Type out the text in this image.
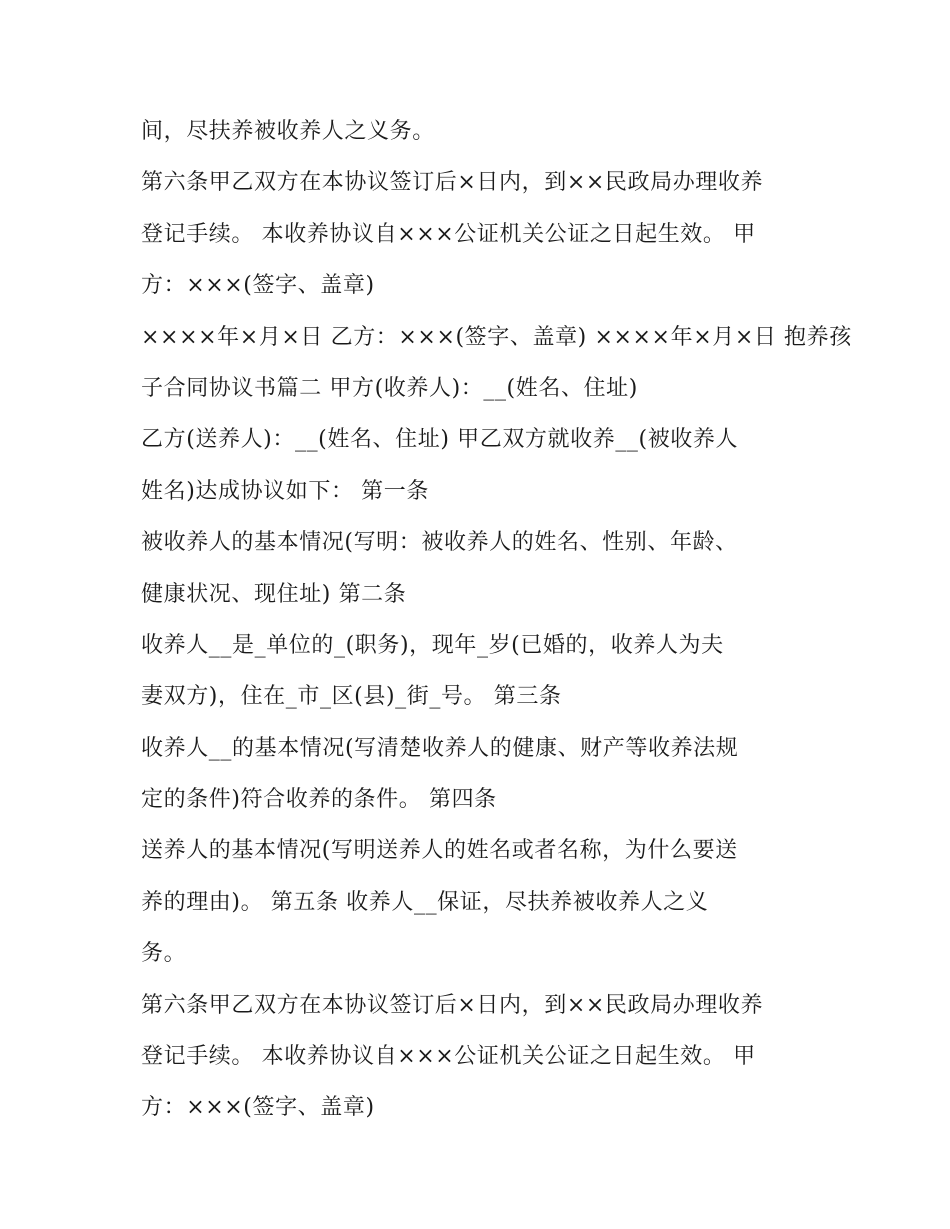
间，尽扶养被收养人之义务。
第六条甲乙双方在本协议签订后×日内，到××民政局办理收养
登记手续。 本收养协议自×××公证机关公证之日起生效。 甲
方：×××(签字、盖章)
××××年×月×日 乙方：×××(签字、盖章) ××××年×月×日 抱养孩
子合同协议书篇二 甲方(收养人)：__(姓名、住址)
乙方(送养人)：__(姓名、住址) 甲乙双方就收养__(被收养人
姓名)达成协议如下： 第一条
被收养人的基本情况(写明：被收养人的姓名、性别、年龄、
健康状况、现住址) 第二条
收养人__是_单位的_(职务)，现年_岁(已婚的，收养人为夫
妻双方)，住在_市_区(县)_街_号。 第三条
收养人__的基本情况(写清楚收养人的健康、财产等收养法规
定的条件)符合收养的条件。 第四条
送养人的基本情况(写明送养人的姓名或者名称，为什么要送
养的理由)。 第五条 收养人__保证，尽扶养被收养人之义
务。
第六条甲乙双方在本协议签订后×日内，到××民政局办理收养
登记手续。 本收养协议自×××公证机关公证之日起生效。 甲
方：×××(签字、盖章)
